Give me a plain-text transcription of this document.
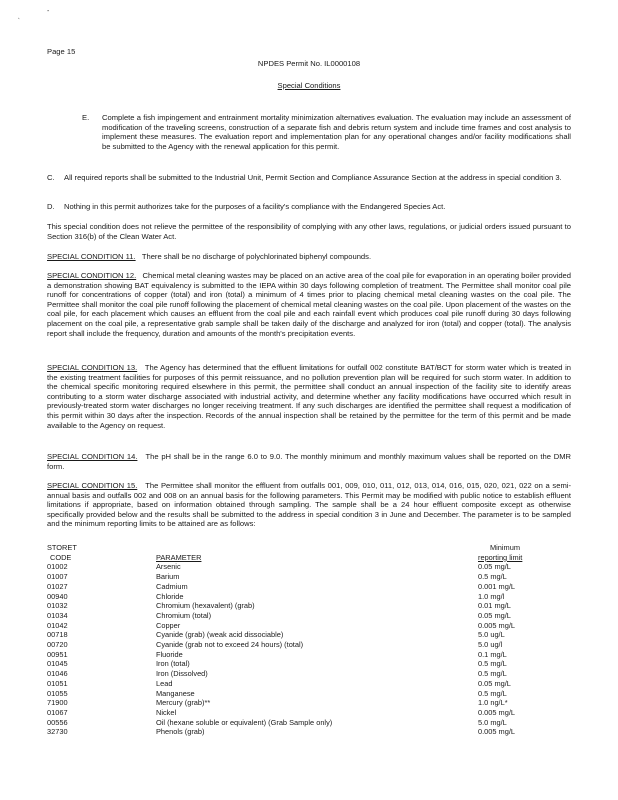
-
‵
Page 15
NPDES Permit No. IL0000108
Special Conditions
E. Complete a fish impingement and entrainment mortality minimization alternatives evaluation. The evaluation may include an assessment of modification of the traveling screens, construction of a separate fish and debris return system and include time frames and cost analysis to implement these measures. The evaluation report and implementation plan for any operational changes and/or facility modifications shall be submitted to the Agency with the renewal application for this permit.
C. All required reports shall be submitted to the Industrial Unit, Permit Section and Compliance Assurance Section at the address in special condition 3.
D. Nothing in this permit authorizes take for the purposes of a facility's compliance with the Endangered Species Act.
This special condition does not relieve the permittee of the responsibility of complying with any other laws, regulations, or judicial orders issued pursuant to Section 316(b) of the Clean Water Act.
SPECIAL CONDITION 11. There shall be no discharge of polychlorinated biphenyl compounds.
SPECIAL CONDITION 12. Chemical metal cleaning wastes may be placed on an active area of the coal pile for evaporation in an operating boiler provided a demonstration showing BAT equivalency is submitted to the IEPA within 30 days following completion of treatment. The Permittee shall monitor coal pile runoff for concentrations of copper (total) and iron (total) a minimum of 4 times prior to placing chemical metal cleaning wastes on the coal pile. The Permittee shall monitor the coal pile runoff following the placement of chemical metal cleaning wastes on the coal pile. Upon placement of the wastes on the coal pile, for each placement which causes an effluent from the coal pile and each rainfall event which produces coal pile runoff during 30 days following placement on the coal pile, a representative grab sample shall be taken daily of the discharge and analyzed for iron (total) and copper (total). The analysis report shall include the frequency, duration and amounts of the month's precipitation events.
SPECIAL CONDITION 13. The Agency has determined that the effluent limitations for outfall 002 constitute BAT/BCT for storm water which is treated in the existing treatment facilities for purposes of this permit reissuance, and no pollution prevention plan will be required for such storm water. In addition to the chemical specific monitoring required elsewhere in this permit, the permittee shall conduct an annual inspection of the facility site to identify areas contributing to a storm water discharge associated with industrial activity, and determine whether any facility modifications have occurred which result in previously-treated storm water discharges no longer receiving treatment. If any such discharges are identified the permittee shall request a modification of this permit within 30 days after the inspection. Records of the annual inspection shall be retained by the permittee for the term of this permit and be made available to the Agency on request.
SPECIAL CONDITION 14. The pH shall be in the range 6.0 to 9.0. The monthly minimum and monthly maximum values shall be reported on the DMR form.
SPECIAL CONDITION 15. The Permittee shall monitor the effluent from outfalls 001, 009, 010, 011, 012, 013, 014, 016, 015, 020, 021, 022 on a semi-annual basis and outfalls 002 and 008 on an annual basis for the following parameters. This Permit may be modified with public notice to establish effluent limitations if appropriate, based on information obtained through sampling. The sample shall be a 24 hour effluent composite except as otherwise specifically provided below and the results shall be submitted to the address in special condition 3 in June and December. The parameter is to be sampled and the minimum reporting limits to be attained are as follows:
STORET		Minimum
CODE	PARAMETER	reporting limit
01002	Arsenic	0.05 mg/L
01007	Barium	0.5 mg/L
01027	Cadmium	0.001 mg/L
00940	Chloride	1.0 mg/l
01032	Chromium (hexavalent) (grab)	0.01 mg/L
01034	Chromium (total)	0.05 mg/L
01042	Copper	0.005 mg/L
00718	Cyanide (grab) (weak acid dissociable)	5.0 ug/L
00720	Cyanide (grab not to exceed 24 hours) (total)	5.0 ug/l
00951	Fluoride	0.1 mg/L
01045	Iron (total)	0.5 mg/L
01046	Iron (Dissolved)	0.5 mg/L
01051	Lead	0.05 mg/L
01055	Manganese	0.5 mg/L
71900	Mercury (grab)**	1.0 ng/L*
01067	Nickel	0.005 mg/L
00556	Oil (hexane soluble or equivalent) (Grab Sample only)	5.0 mg/L
32730	Phenols (grab)	0.005 mg/L
